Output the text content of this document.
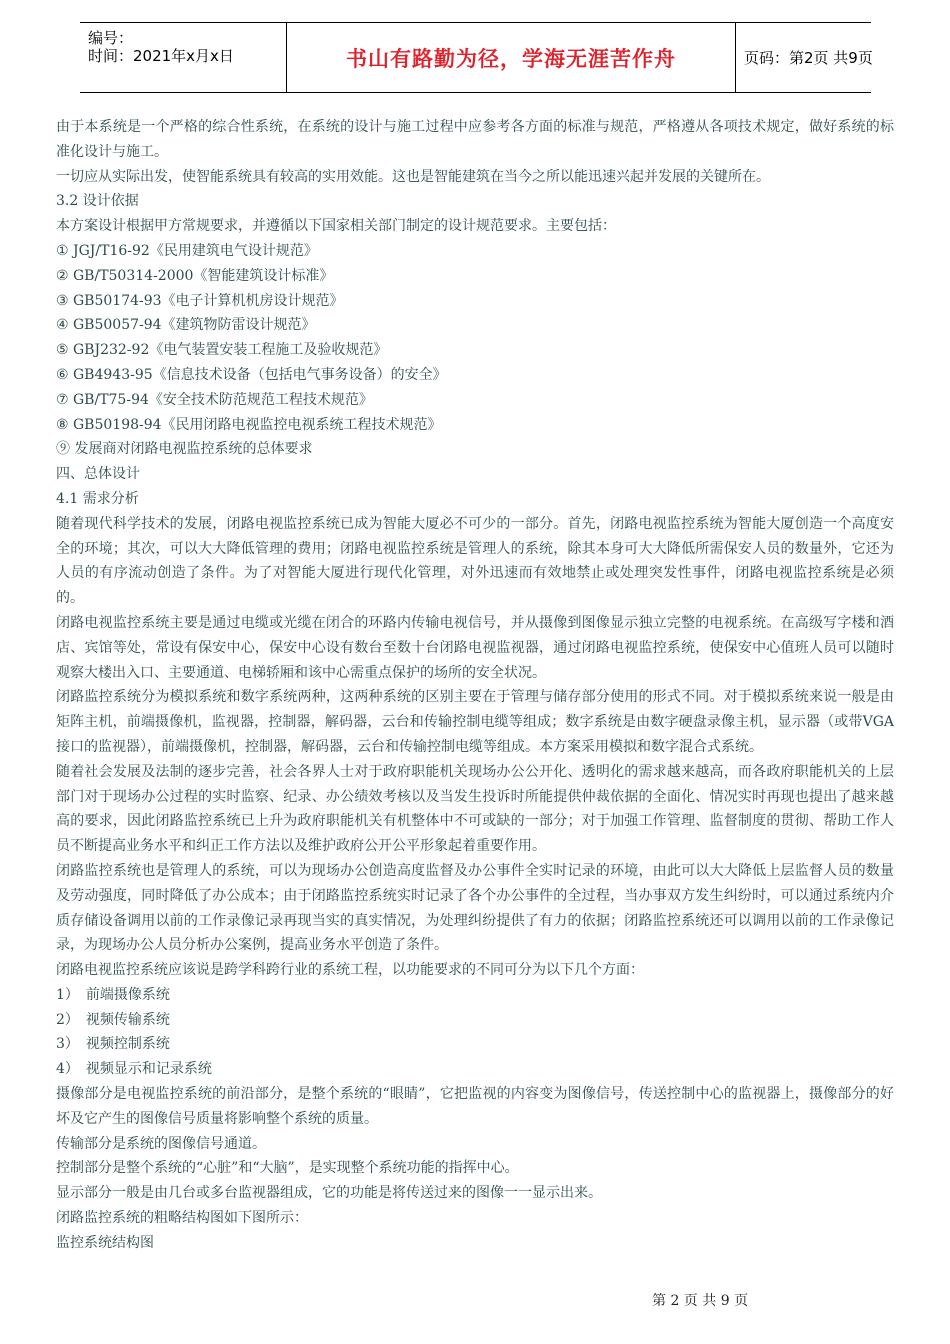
编号：
时间：2021年x月x日	书山有路勤为径，学海无涯苦作舟	页码：第2页 共9页

由于本系统是一个严格的综合性系统，在系统的设计与施工过程中应参考各方面的标准与规范，严格遵从各项技术规定，做好系统的标准化设计与施工。

一切应从实际出发，使智能系统具有较高的实用效能。这也是智能建筑在当今之所以能迅速兴起并发展的关键所在。

3.2 设计依据

本方案设计根据甲方常规要求，并遵循以下国家相关部门制定的设计规范要求。主要包括：

① JGJ/T16-92《民用建筑电气设计规范》

② GB/T50314-2000《智能建筑设计标准》

③ GB50174-93《电子计算机机房设计规范》

④ GB50057-94《建筑物防雷设计规范》

⑤ GBJ232-92《电气装置安装工程施工及验收规范》

⑥ GB4943-95《信息技术设备（包括电气事务设备）的安全》

⑦ GB/T75-94《安全技术防范规范工程技术规范》

⑧ GB50198-94《民用闭路电视监控电视系统工程技术规范》

⑨ 发展商对闭路电视监控系统的总体要求

四、总体设计

4.1 需求分析

随着现代科学技术的发展，闭路电视监控系统已成为智能大厦必不可少的一部分。首先，闭路电视监控系统为智能大厦创造一个高度安全的环境；其次，可以大大降低管理的费用；闭路电视监控系统是管理人的系统，除其本身可大大降低所需保安人员的数量外，它还为人员的有序流动创造了条件。为了对智能大厦进行现代化管理，对外迅速而有效地禁止或处理突发性事件，闭路电视监控系统是必须的。

闭路电视监控系统主要是通过电缆或光缆在闭合的环路内传输电视信号，并从摄像到图像显示独立完整的电视系统。在高级写字楼和酒店、宾馆等处，常设有保安中心，保安中心设有数台至数十台闭路电视监视器，通过闭路电视监控系统，使保安中心值班人员可以随时观察大楼出入口、主要通道、电梯轿厢和该中心需重点保护的场所的安全状况。

闭路监控系统分为模拟系统和数字系统两种，这两种系统的区别主要在于管理与储存部分使用的形式不同。对于模拟系统来说一般是由矩阵主机，前端摄像机，监视器，控制器，解码器，云台和传输控制电缆等组成；数字系统是由数字硬盘录像主机，显示器（或带VGA接口的监视器），前端摄像机，控制器，解码器，云台和传输控制电缆等组成。本方案采用模拟和数字混合式系统。

随着社会发展及法制的逐步完善，社会各界人士对于政府职能机关现场办公公开化、透明化的需求越来越高，而各政府职能机关的上层部门对于现场办公过程的实时监察、纪录、办公绩效考核以及当发生投诉时所能提供仲裁依据的全面化、情况实时再现也提出了越来越高的要求，因此闭路监控系统已上升为政府职能机关有机整体中不可或缺的一部分；对于加强工作管理、监督制度的贯彻、帮助工作人员不断提高业务水平和纠正工作方法以及维护政府公开公平形象起着重要作用。

闭路监控系统也是管理人的系统，可以为现场办公创造高度监督及办公事件全实时记录的环境，由此可以大大降低上层监督人员的数量及劳动强度，同时降低了办公成本；由于闭路监控系统实时记录了各个办公事件的全过程，当办事双方发生纠纷时，可以通过系统内介质存储设备调用以前的工作录像记录再现当实的真实情况，为处理纠纷提供了有力的依据；闭路监控系统还可以调用以前的工作录像记录，为现场办公人员分析办公案例，提高业务水平创造了条件。

闭路电视监控系统应该说是跨学科跨行业的系统工程，以功能要求的不同可分为以下几个方面：

1）　前端摄像系统

2）　视频传输系统

3）　视频控制系统

4）　视频显示和记录系统

摄像部分是电视监控系统的前沿部分，是整个系统的“眼睛”，它把监视的内容变为图像信号，传送控制中心的监视器上，摄像部分的好坏及它产生的图像信号质量将影响整个系统的质量。

传输部分是系统的图像信号通道。

控制部分是整个系统的“心脏”和“大脑”，是实现整个系统功能的指挥中心。

显示部分一般是由几台或多台监视器组成，它的功能是将传送过来的图像一一显示出来。

闭路监控系统的粗略结构图如下图所示：

监控系统结构图

第 2 页 共 9 页
